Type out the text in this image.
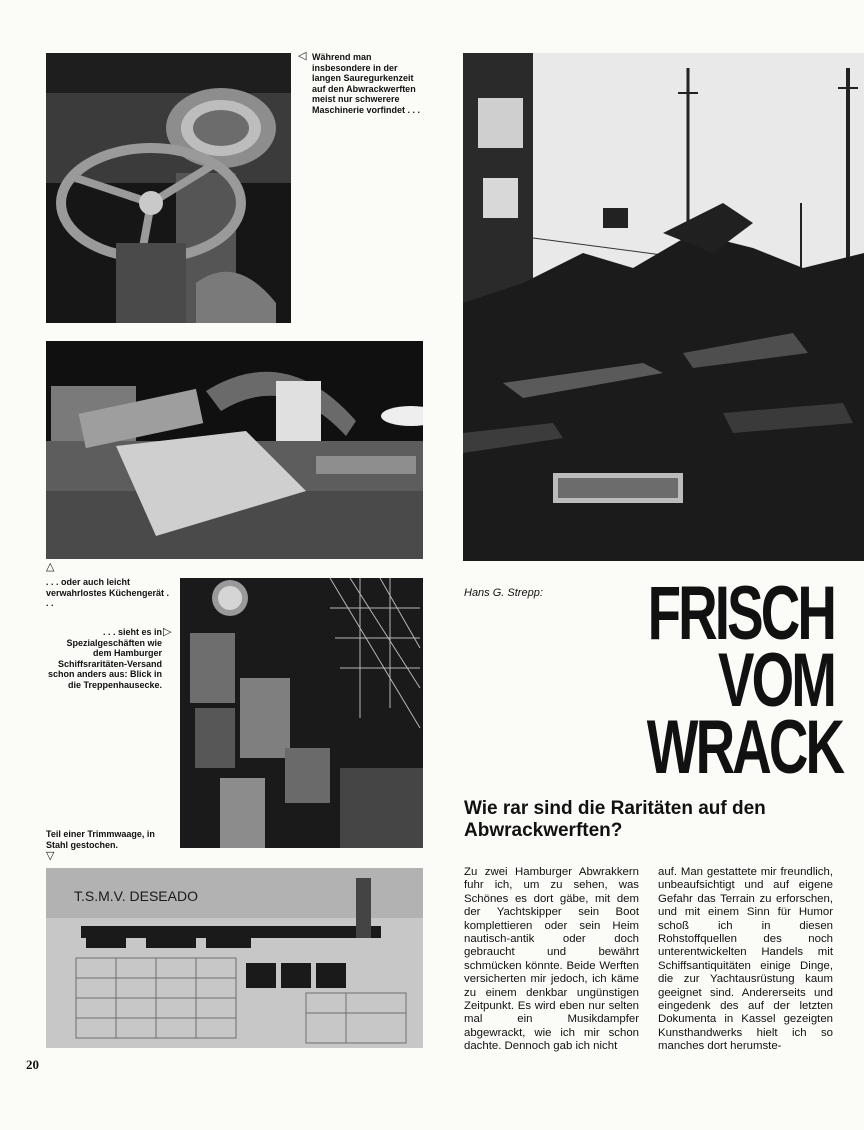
◁ Während man insbesondere in der langen Sauregurkenzeit auf den Abwrackwerften meist nur schwerere Maschinerie vorfindet . . .
△
. . . oder auch leicht verwahrlostes Küchengerät . . .
▷
. . . sieht es in Spezialgeschäften wie dem Hamburger Schiffsraritäten-Versand schon anders aus: Blick in die Treppenhausecke.
Teil einer Trimmwaage, in Stahl gestochen.
▽
T.S.M.V. DESEADO
Hans G. Strepp: FRISCH
VOM
WRACK
Wie rar sind die Raritäten auf den Abwrackwerften?
Zu zwei Hamburger Abwrakkern fuhr ich, um zu sehen, was Schönes es dort gäbe, mit dem der Yachtskipper sein Boot komplettieren oder sein Heim nautisch-antik oder doch gebraucht und bewährt schmücken könnte. Beide Werften versicherten mir jedoch, ich käme zu einem denkbar ungünstigen Zeitpunkt. Es wird eben nur selten mal ein Musikdampfer abgewrackt, wie ich mir schon dachte. Dennoch gab ich nicht
auf. Man gestattete mir freundlich, unbeaufsichtigt und auf eigene Gefahr das Terrain zu erforschen, und mit einem Sinn für Humor schoß ich in diesen Rohstoffquellen des noch unterentwickelten Handels mit Schiffsantiquitäten einige Dinge, die zur Yachtausrüstung kaum geeignet sind. Andererseits und eingedenk des auf der letzten Dokumenta in Kassel gezeigten Kunsthandwerks hielt ich so manches dort herumste-
20
